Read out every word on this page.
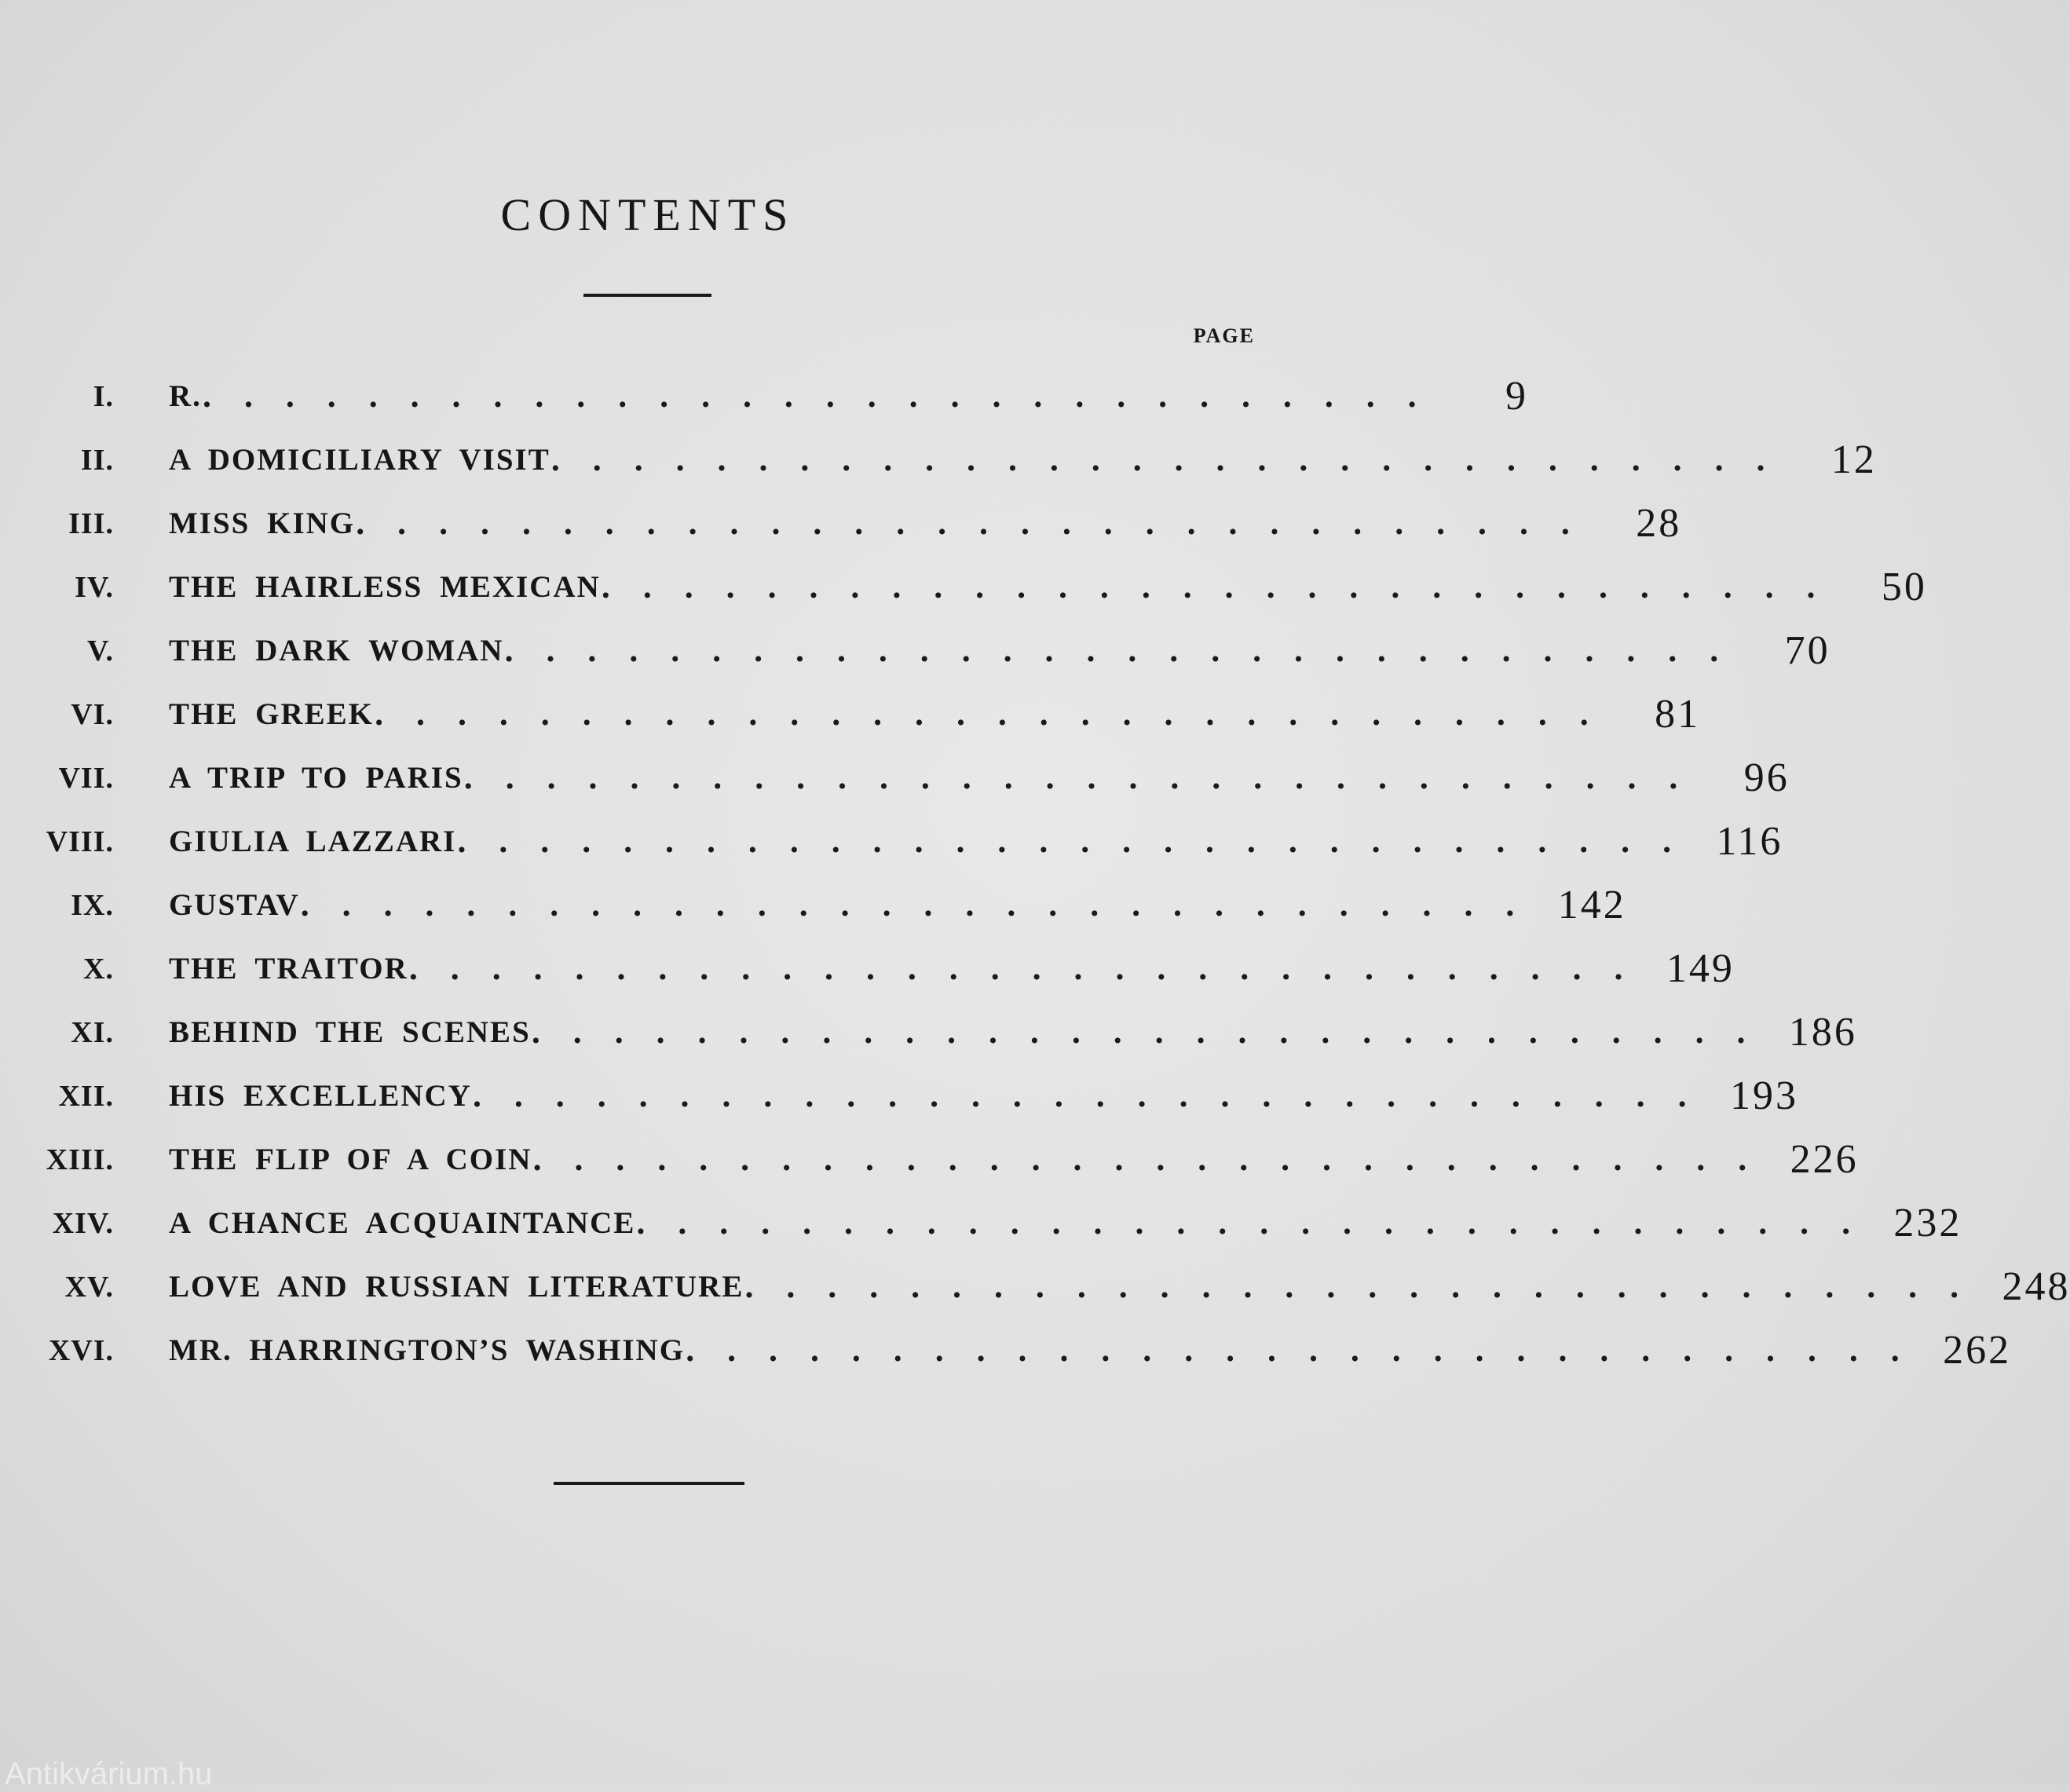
CONTENTS
PAGE
I. R. .   .   .   .   .   .   .   .   .   .   .   .   .   .   .   .   .   .   .   .   .   .   .   .   .   .   .   .   .   .	9
II. A DOMICILIARY VISIT .   .   .   .   .   .   .   .   .   .   .   .   .   .   .   .   .   .   .   .   .   .   .   .   .   .   .   .   .   .	12
III. MISS KING .   .   .   .   .   .   .   .   .   .   .   .   .   .   .   .   .   .   .   .   .   .   .   .   .   .   .   .   .   .	28
IV. THE HAIRLESS MEXICAN .   .   .   .   .   .   .   .   .   .   .   .   .   .   .   .   .   .   .   .   .   .   .   .   .   .   .   .   .   .	50
V. THE DARK WOMAN .   .   .   .   .   .   .   .   .   .   .   .   .   .   .   .   .   .   .   .   .   .   .   .   .   .   .   .   .   .	70
VI. THE GREEK .   .   .   .   .   .   .   .   .   .   .   .   .   .   .   .   .   .   .   .   .   .   .   .   .   .   .   .   .   .	81
VII. A TRIP TO PARIS .   .   .   .   .   .   .   .   .   .   .   .   .   .   .   .   .   .   .   .   .   .   .   .   .   .   .   .   .   .	96
VIII. GIULIA LAZZARI .   .   .   .   .   .   .   .   .   .   .   .   .   .   .   .   .   .   .   .   .   .   .   .   .   .   .   .   .   . 116
IX. GUSTAV .   .   .   .   .   .   .   .   .   .   .   .   .   .   .   .   .   .   .   .   .   .   .   .   .   .   .   .   .   . 142
X. THE TRAITOR .   .   .   .   .   .   .   .   .   .   .   .   .   .   .   .   .   .   .   .   .   .   .   .   .   .   .   .   .   . 149
XI. BEHIND THE SCENES .   .   .   .   .   .   .   .   .   .   .   .   .   .   .   .   .   .   .   .   .   .   .   .   .   .   .   .   .   . 186
XII. HIS EXCELLENCY .   .   .   .   .   .   .   .   .   .   .   .   .   .   .   .   .   .   .   .   .   .   .   .   .   .   .   .   .   . 193
XIII. THE FLIP OF A COIN .   .   .   .   .   .   .   .   .   .   .   .   .   .   .   .   .   .   .   .   .   .   .   .   .   .   .   .   .   . 226
XIV. A CHANCE ACQUAINTANCE .   .   .   .   .   .   .   .   .   .   .   .   .   .   .   .   .   .   .   .   .   .   .   .   .   .   .   .   .   . 232
XV. LOVE AND RUSSIAN LITERATURE .   .   .   .   .   .   .   .   .   .   .   .   .   .   .   .   .   .   .   .   .   .   .   .   .   .   .   .   .   . 248
XVI. MR. HARRINGTON’S WASHING .   .   .   .   .   .   .   .   .   .   .   .   .   .   .   .   .   .   .   .   .   .   .   .   .   .   .   .   .   . 262
Antikvárium.hu
